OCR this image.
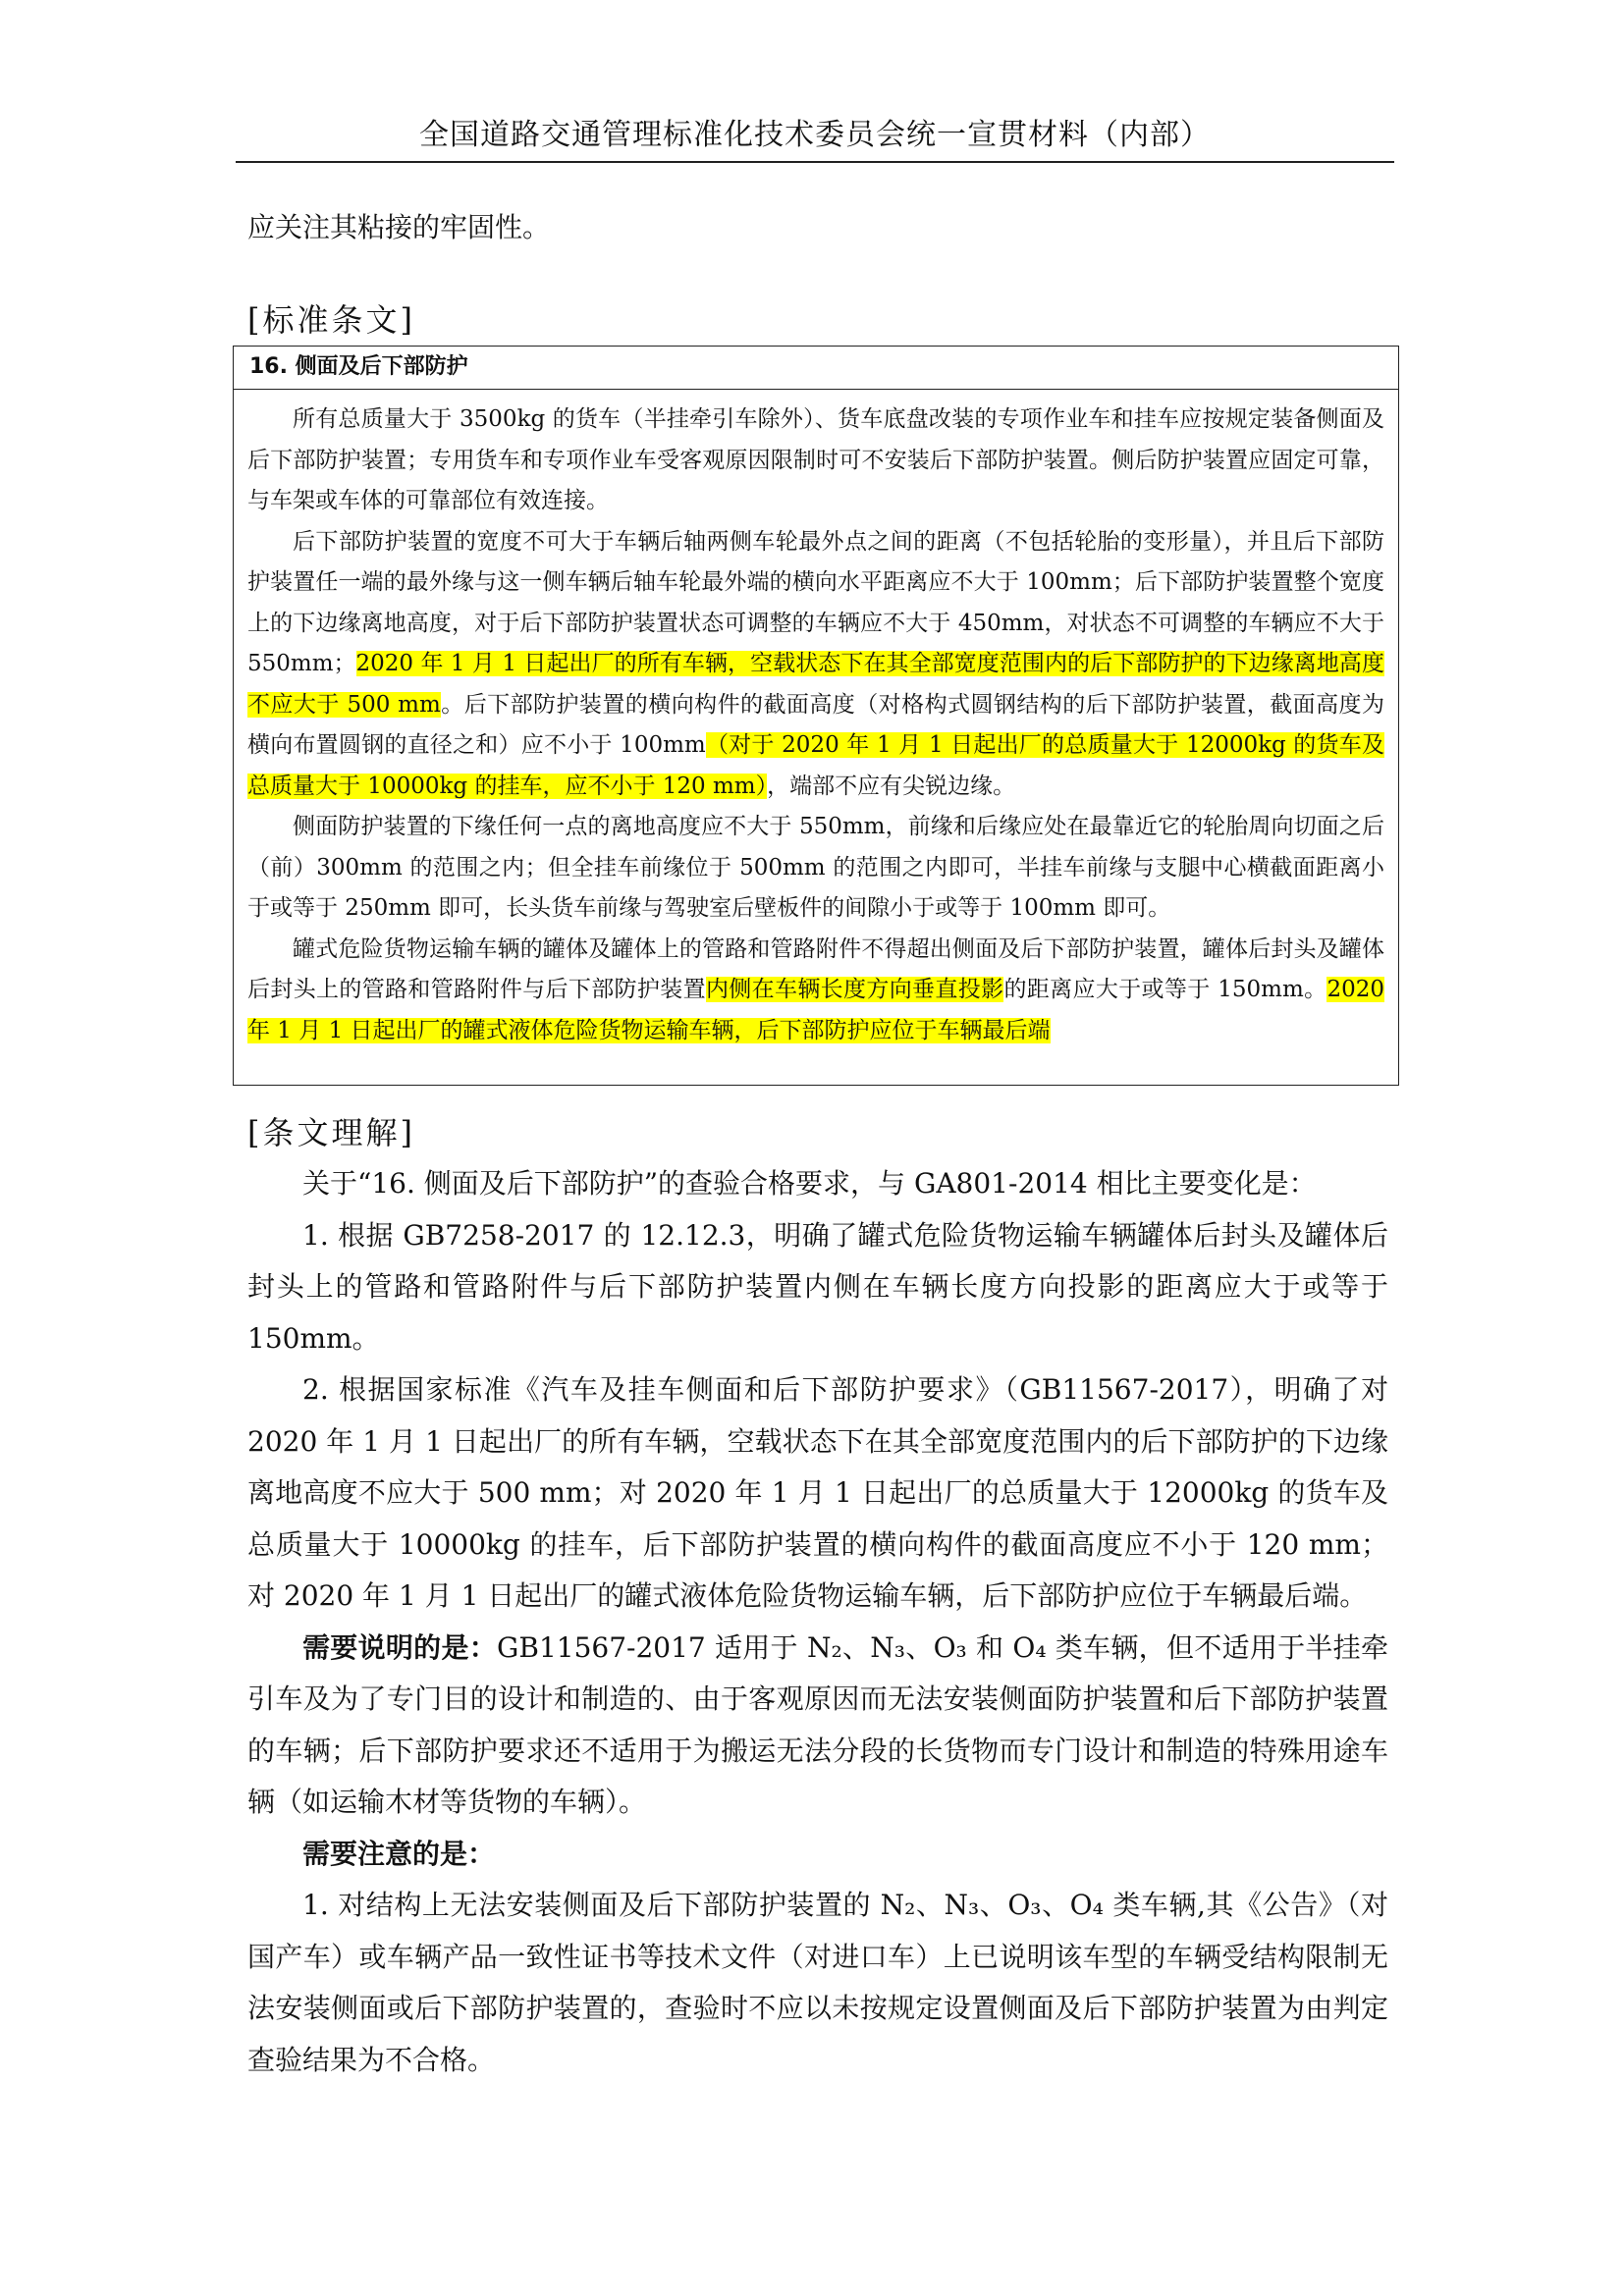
全国道路交通管理标准化技术委员会统一宣贯材料（内部）

应关注其粘接的牢固性。

[标准条文]

16. 侧面及后下部防护

所有总质量大于 3500kg 的货车（半挂牵引车除外）、货车底盘改装的专项作业车和挂车应按规定装备侧面及后下部防护装置；专用货车和专项作业车受客观原因限制时可不安装后下部防护装置。侧后防护装置应固定可靠，与车架或车体的可靠部位有效连接。

后下部防护装置的宽度不可大于车辆后轴两侧车轮最外点之间的距离（不包括轮胎的变形量），并且后下部防护装置任一端的最外缘与这一侧车辆后轴车轮最外端的横向水平距离应不大于 100mm；后下部防护装置整个宽度上的下边缘离地高度，对于后下部防护装置状态可调整的车辆应不大于 450mm，对状态不可调整的车辆应不大于 550mm；2020 年 1 月 1 日起出厂的所有车辆，空载状态下在其全部宽度范围内的后下部防护的下边缘离地高度不应大于 500 mm。后下部防护装置的横向构件的截面高度（对格构式圆钢结构的后下部防护装置，截面高度为横向布置圆钢的直径之和）应不小于 100mm（对于 2020 年 1 月 1 日起出厂的总质量大于 12000kg 的货车及总质量大于 10000kg 的挂车，应不小于 120 mm），端部不应有尖锐边缘。

侧面防护装置的下缘任何一点的离地高度应不大于 550mm，前缘和后缘应处在最靠近它的轮胎周向切面之后（前）300mm 的范围之内；但全挂车前缘位于 500mm 的范围之内即可，半挂车前缘与支腿中心横截面距离小于或等于 250mm 即可，长头货车前缘与驾驶室后壁板件的间隙小于或等于 100mm 即可。

罐式危险货物运输车辆的罐体及罐体上的管路和管路附件不得超出侧面及后下部防护装置，罐体后封头及罐体后封头上的管路和管路附件与后下部防护装置内侧在车辆长度方向垂直投影的距离应大于或等于 150mm。2020 年 1 月 1 日起出厂的罐式液体危险货物运输车辆，后下部防护应位于车辆最后端

[条文理解]

关于“16. 侧面及后下部防护”的查验合格要求，与 GA801-2014 相比主要变化是：

1. 根据 GB7258-2017 的 12.12.3，明确了罐式危险货物运输车辆罐体后封头及罐体后封头上的管路和管路附件与后下部防护装置内侧在车辆长度方向投影的距离应大于或等于 150mm。

2. 根据国家标准《汽车及挂车侧面和后下部防护要求》（GB11567-2017），明确了对 2020 年 1 月 1 日起出厂的所有车辆，空载状态下在其全部宽度范围内的后下部防护的下边缘离地高度不应大于 500 mm；对 2020 年 1 月 1 日起出厂的总质量大于 12000kg 的货车及总质量大于 10000kg 的挂车，后下部防护装置的横向构件的截面高度应不小于 120 mm；对 2020 年 1 月 1 日起出厂的罐式液体危险货物运输车辆，后下部防护应位于车辆最后端。

需要说明的是：GB11567-2017 适用于 N₂、N₃、O₃ 和 O₄ 类车辆，但不适用于半挂牵引车及为了专门目的设计和制造的、由于客观原因而无法安装侧面防护装置和后下部防护装置的车辆；后下部防护要求还不适用于为搬运无法分段的长货物而专门设计和制造的特殊用途车辆（如运输木材等货物的车辆）。

需要注意的是：

1. 对结构上无法安装侧面及后下部防护装置的 N₂、N₃、O₃、O₄ 类车辆,其《公告》（对国产车）或车辆产品一致性证书等技术文件（对进口车）上已说明该车型的车辆受结构限制无法安装侧面或后下部防护装置的，查验时不应以未按规定设置侧面及后下部防护装置为由判定查验结果为不合格。
